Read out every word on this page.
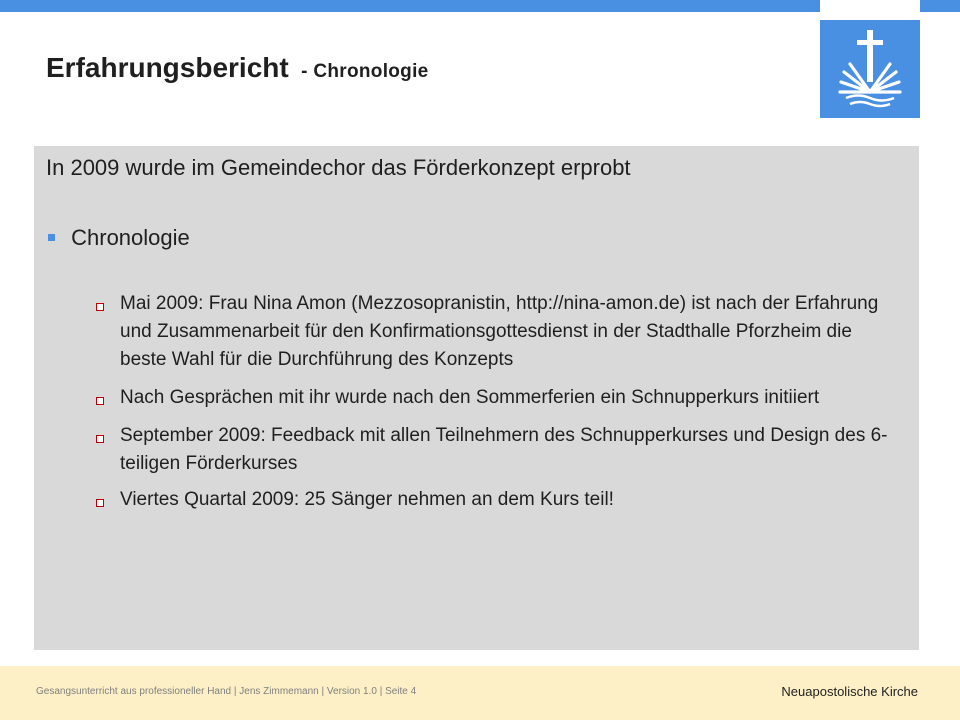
Erfahrungsbericht - Chronologie
In 2009 wurde im Gemeindechor das Förderkonzept erprobt
Chronologie
Mai 2009: Frau Nina Amon (Mezzosopranistin, http://nina-amon.de) ist nach der Erfahrung und Zusammenarbeit für den Konfirmationsgottesdienst in der Stadthalle Pforzheim die beste Wahl für die Durchführung des Konzepts
Nach Gesprächen mit ihr wurde nach den Sommerferien ein Schnupperkurs initiiert
September 2009: Feedback mit allen Teilnehmern des Schnupperkurses und Design des 6-teiligen Förderkurses
Viertes Quartal 2009: 25 Sänger nehmen an dem Kurs teil!
Gesangsunterricht aus professioneller Hand | Jens Zimmemann | Version 1.0 | Seite 4	Neuapostolische Kirche
